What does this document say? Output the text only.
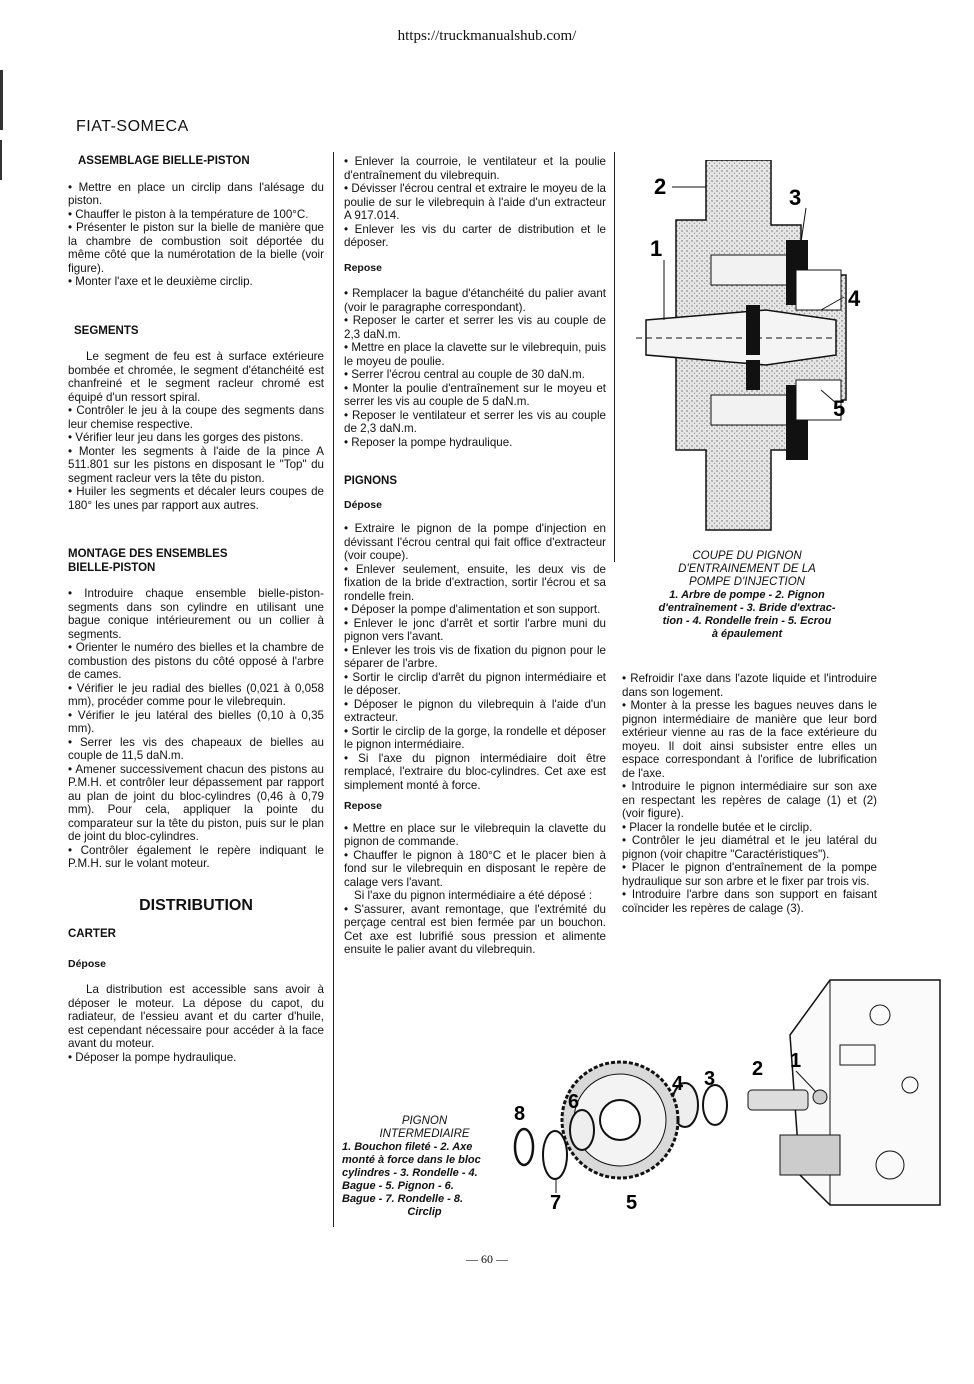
https://truckmanualshub.com/
FIAT-SOMECA
ASSEMBLAGE BIELLE-PISTON

• Mettre en place un circlip dans l'alésage du piston.

• Chauffer le piston à la température de 100°C.

• Présenter le piston sur la bielle de manière que la chambre de combustion soit déportée du même côté que la numérotation de la bielle (voir figure).

• Monter l'axe et le deuxième circlip.

SEGMENTS

Le segment de feu est à surface extérieure bombée et chromée, le segment d'étanchéité est chanfreiné et le segment racleur chromé est équipé d'un ressort spiral.

• Contrôler le jeu à la coupe des segments dans leur chemise respective.

• Vérifier leur jeu dans les gorges des pistons.

• Monter les segments à l'aide de la pince A 511.801 sur les pistons en disposant le "Top" du segment racleur vers la tête du piston.

• Huiler les segments et décaler leurs coupes de 180° les unes par rapport aux autres.

MONTAGE DES ENSEMBLES
BIELLE-PISTON

• Introduire chaque ensemble bielle-piston-segments dans son cylindre en utilisant une bague conique intérieurement ou un collier à segments.

• Orienter le numéro des bielles et la chambre de combustion des pistons du côté opposé à l'arbre de cames.

• Vérifier le jeu radial des bielles (0,021 à 0,058 mm), procéder comme pour le vilebrequin.

• Vérifier le jeu latéral des bielles (0,10 à 0,35 mm).

• Serrer les vis des chapeaux de bielles au couple de 11,5 daN.m.

• Amener successivement chacun des pistons au P.M.H. et contrôler leur dépassement par rapport au plan de joint du bloc-cylindres (0,46 à 0,79 mm). Pour cela, appliquer la pointe du comparateur sur la tête du piston, puis sur le plan de joint du bloc-cylindres.

• Contrôler également le repère indiquant le P.M.H. sur le volant moteur.

DISTRIBUTION
CARTER
Dépose

La distribution est accessible sans avoir à déposer le moteur. La dépose du capot, du radiateur, de l'essieu avant et du carter d'huile, est cependant nécessaire pour accéder à la face avant du moteur.

• Déposer la pompe hydraulique.

• Enlever la courroie, le ventilateur et la poulie d'entraînement du vilebrequin.

• Dévisser l'écrou central et extraire le moyeu de la poulie de sur le vilebrequin à l'aide d'un extracteur A 917.014.

• Enlever les vis du carter de distribution et le déposer.

Repose

• Remplacer la bague d'étanchéité du palier avant (voir le paragraphe correspondant).

• Reposer le carter et serrer les vis au couple de 2,3 daN.m.

• Mettre en place la clavette sur le vilebrequin, puis le moyeu de poulie.

• Serrer l'écrou central au couple de 30 daN.m.

• Monter la poulie d'entraînement sur le moyeu et serrer les vis au couple de 5 daN.m.

• Reposer le ventilateur et serrer les vis au couple de 2,3 daN.m.

• Reposer la pompe hydraulique.

PIGNONS
Dépose

• Extraire le pignon de la pompe d'injection en dévissant l'écrou central qui fait office d'extracteur (voir coupe).

• Enlever seulement, ensuite, les deux vis de fixation de la bride d'extraction, sortir l'écrou et sa rondelle frein.

• Déposer la pompe d'alimentation et son support.

• Enlever le jonc d'arrêt et sortir l'arbre muni du pignon vers l'avant.

• Enlever les trois vis de fixation du pignon pour le séparer de l'arbre.

• Sortir le circlip d'arrêt du pignon intermédiaire et le déposer.

• Déposer le pignon du vilebrequin à l'aide d'un extracteur.

• Sortir le circlip de la gorge, la rondelle et déposer le pignon intermédiaire.

• Si l'axe du pignon intermédiaire doit être remplacé, l'extraire du bloc-cylindres. Cet axe est simplement monté à force.

Repose

• Mettre en place sur le vilebrequin la clavette du pignon de commande.

• Chauffer le pignon à 180°C et le placer bien à fond sur le vilebrequin en disposant le repère de calage vers l'avant.

Si l'axe du pignon intermédiaire a été déposé :

• S'assurer, avant remontage, que l'extrémité du perçage central est bien fermée par un bouchon. Cet axe est lubrifié sous pression et alimente ensuite le palier avant du vilebrequin.

• Refroidir l'axe dans l'azote liquide et l'introduire dans son logement.

• Monter à la presse les bagues neuves dans le pignon intermédiaire de manière que leur bord extérieur vienne au ras de la face extérieure du moyeu. Il doit ainsi subsister entre elles un espace correspondant à l'orifice de lubrification de l'axe.

• Introduire le pignon intermédiaire sur son axe en respectant les repères de calage (1) et (2) (voir figure).

• Placer la rondelle butée et le circlip.

• Contrôler le jeu diamétral et le jeu latéral du pignon (voir chapitre "Caractéristiques").

• Placer le pignon d'entraînement de la pompe hydraulique sur son arbre et le fixer par trois vis.

• Introduire l'arbre dans son support en faisant coïncider les repères de calage (3).

2
1
3
4
5
COUPE DU PIGNON
D'ENTRAINEMENT DE LA
POMPE D'INJECTION
1. Arbre de pompe - 2. Pignon
d'entraînement - 3. Bride d'extrac-
tion - 4. Rondelle frein - 5. Ecrou
à épaulement
1
2
3
4
5
6
7
8
PIGNON
INTERMEDIAIRE
1. Bouchon fileté - 2. Axe
monté à force dans le bloc
cylindres - 3. Rondelle - 4.
Bague - 5. Pignon - 6.
Bague - 7. Rondelle - 8.
Circlip
— 60 —
